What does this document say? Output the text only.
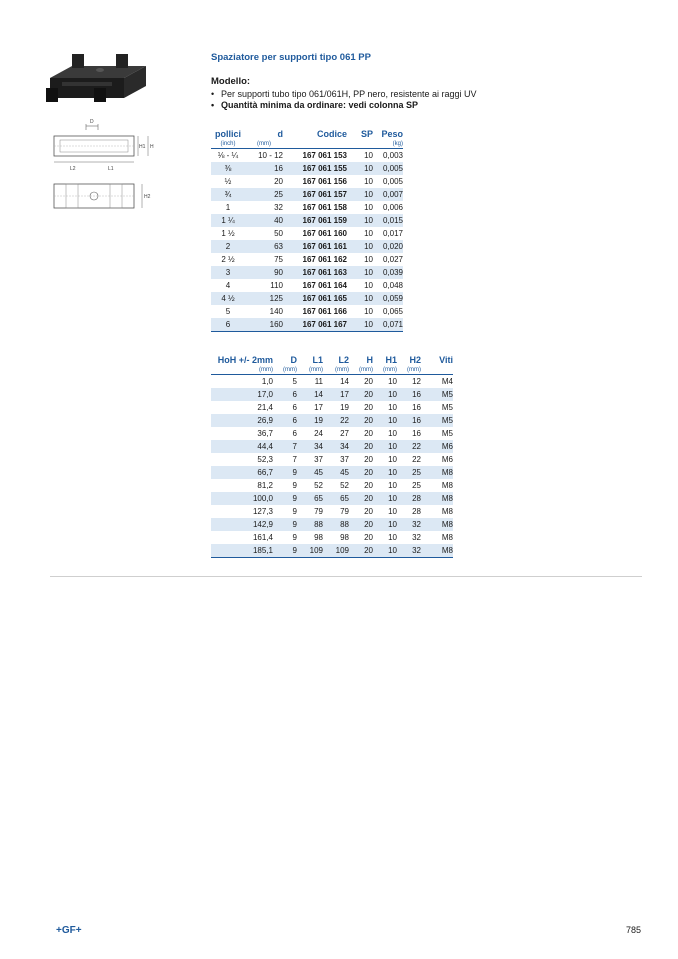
D
H1 H
L2	L1
H2
Spaziatore per supporti tipo 061 PP
Modello:
• Per supporti tubo tipo 061/061H, PP nero, resistente ai raggi UV
• Quantità minima da ordinare: vedi colonna SP
pollici	d	Codice	SP	Peso
(inch)	(mm)			(kg)
⅛ - ¼	10 - 12	167 061 153	10	0,003
⅜	16	167 061 155	10	0,005
½	20	167 061 156	10	0,005
¾	25	167 061 157	10	0,007
1	32	167 061 158	10	0,006
1 ¼	40	167 061 159	10	0,015
1 ½	50	167 061 160	10	0,017
2	63	167 061 161	10	0,020
2 ½	75	167 061 162	10	0,027
3	90	167 061 163	10	0,039
4	110	167 061 164	10	0,048
4 ½	125	167 061 165	10	0,059
5	140	167 061 166	10	0,065
6	160	167 061 167	10	0,071
HoH +/- 2mm	D	L1	L2	H	H1	H2	Viti
(mm)	(mm)	(mm)	(mm)	(mm)	(mm)	(mm)	
1,0	5	11	14	20	10	12	M4
17,0	6	14	17	20	10	16	M5
21,4	6	17	19	20	10	16	M5
26,9	6	19	22	20	10	16	M5
36,7	6	24	27	20	10	16	M5
44,4	7	34	34	20	10	22	M6
52,3	7	37	37	20	10	22	M6
66,7	9	45	45	20	10	25	M8
81,2	9	52	52	20	10	25	M8
100,0	9	65	65	20	10	28	M8
127,3	9	79	79	20	10	28	M8
142,9	9	88	88	20	10	32	M8
161,4	9	98	98	20	10	32	M8
185,1	9	109	109	20	10	32	M8
+GF+	785
